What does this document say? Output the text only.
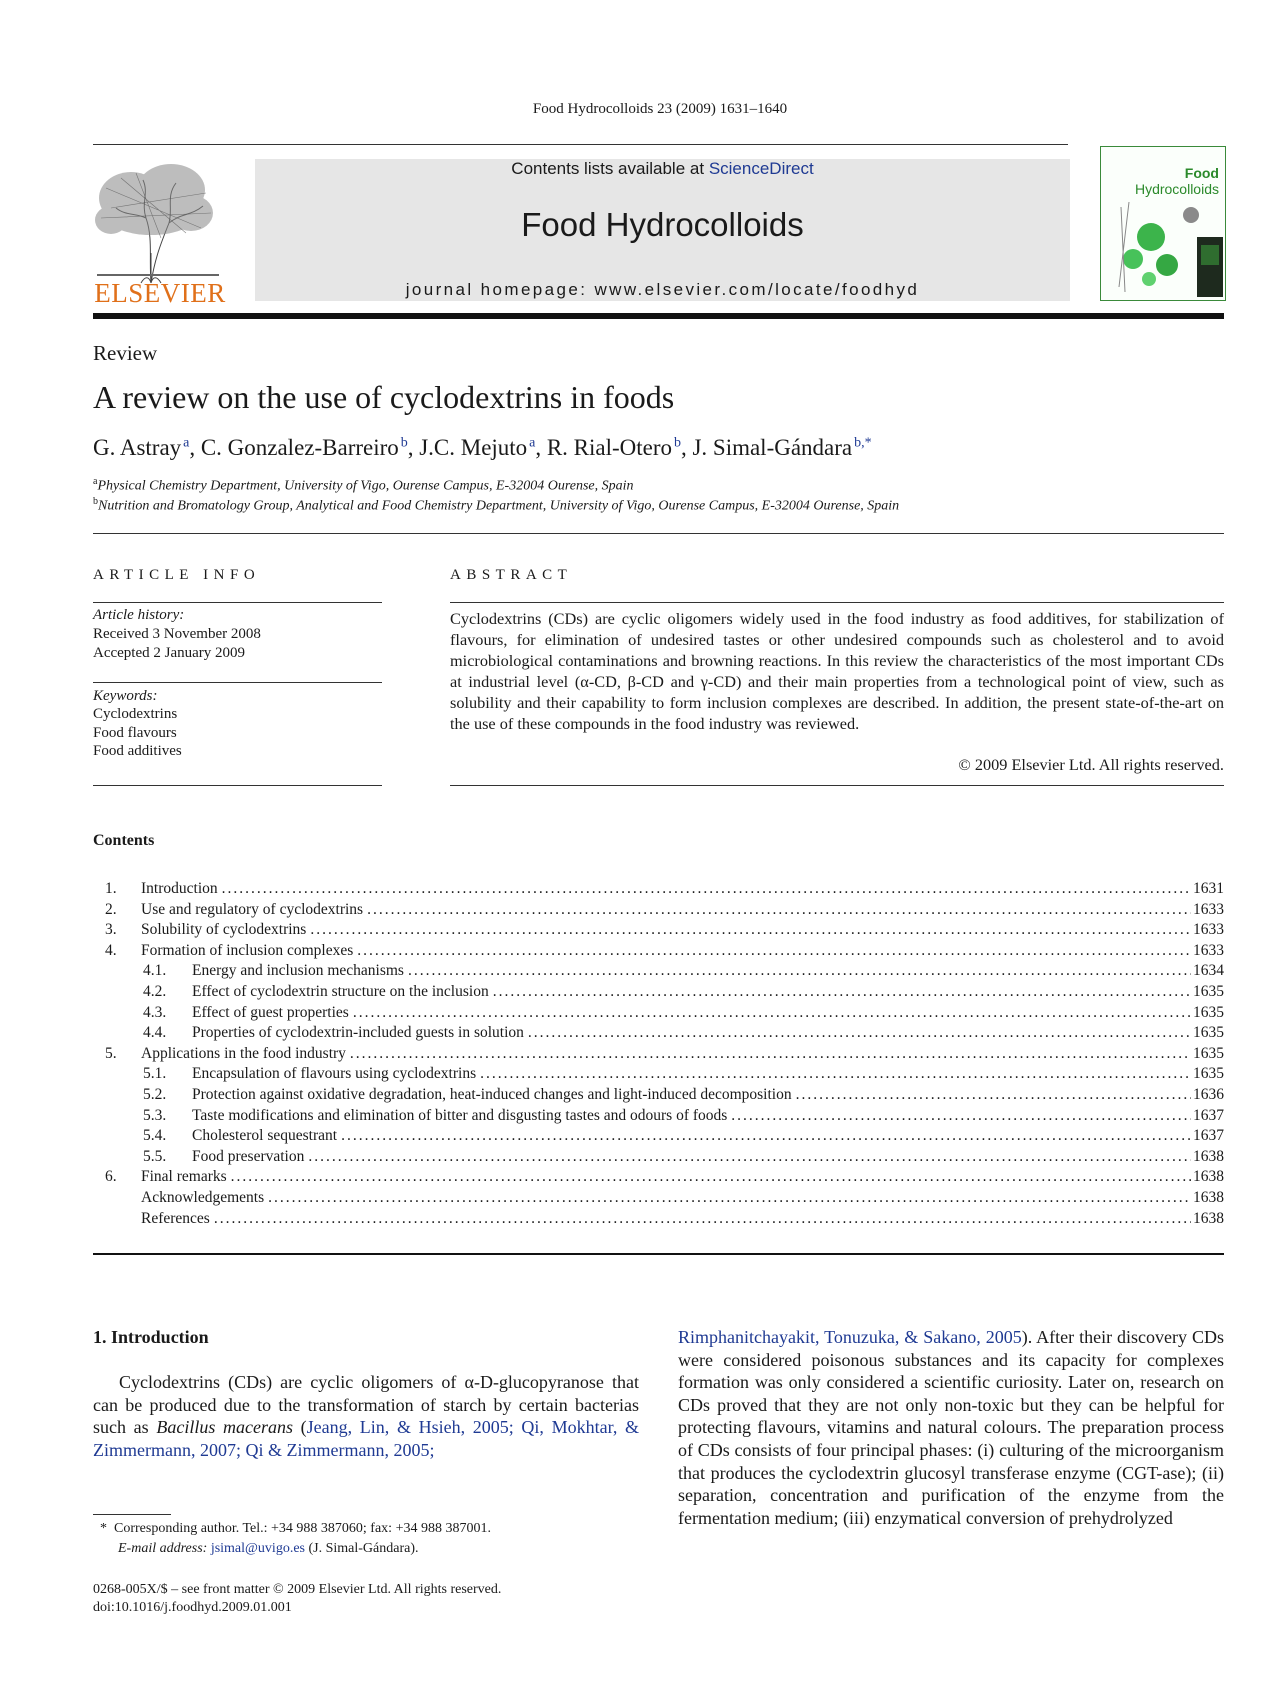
Food Hydrocolloids 23 (2009) 1631–1640
ELSEVIER
Contents lists available at ScienceDirect
Food Hydrocolloids
journal homepage: www.elsevier.com/locate/foodhyd
Food
Hydrocolloids
Review
A review on the use of cyclodextrins in foods
G. Astray  $^a$, C. Gonzalez-Barreiro  $^b$, J.C. Mejuto  $^a$, R. Rial-Otero  $^b$, J. Simal-Gándara  $^{b,*}$
$^a$Physical Chemistry Department, University of Vigo, Ourense Campus, E-32004 Ourense, Spain
$^b$Nutrition and Bromatology Group, Analytical and Food Chemistry Department, University of Vigo, Ourense Campus, E-32004 Ourense, Spain
ARTICLE INFO	ABSTRACT
Article history:
Received 3 November 2008
Accepted 2 January 2009
Keywords:
Cyclodextrins
Food flavours
Food additives
Cyclodextrins (CDs) are cyclic oligomers widely used in the food industry as food additives, for stabilization of flavours, for elimination of undesired tastes or other undesired compounds such as cholesterol and to avoid microbiological contaminations and browning reactions. In this review the characteristics of the most important CDs at industrial level (α-CD, β-CD and γ-CD) and their main properties from a technological point of view, such as solubility and their capability to form inclusion complexes are described. In addition, the present state-of-the-art on the use of these compounds in the food industry was reviewed.
© 2009 Elsevier Ltd. All rights reserved.
Contents
1. Introduction .....	1631
2. Use and regulatory of cyclodextrins .....	1633
3. Solubility of cyclodextrins .....	1633
4. Formation of inclusion complexes .....	1633
4.1. Energy and inclusion mechanisms .....	1634
4.2. Effect of cyclodextrin structure on the inclusion .....	1635
4.3. Effect of guest properties .....	1635
4.4. Properties of cyclodextrin-included guests in solution .....	1635
5. Applications in the food industry .....	1635
5.1. Encapsulation of flavours using cyclodextrins .....	1635
5.2. Protection against oxidative degradation, heat-induced changes and light-induced decomposition .....	1636
5.3. Taste modifications and elimination of bitter and disgusting tastes and odours of foods .....	1637
5.4. Cholesterol sequestrant .....	1637
5.5. Food preservation .....	1638
6. Final remarks .....	1638
Acknowledgements .....	1638
References .....	1638
1. Introduction
Cyclodextrins (CDs) are cyclic oligomers of α-D-glucopyranose that can be produced due to the transformation of starch by certain bacterias such as Bacillus macerans (Jeang, Lin, & Hsieh, 2005; Qi, Mokhtar, & Zimmermann, 2007; Qi & Zimmermann, 2005;
Rimphanitchayakit, Tonuzuka, & Sakano, 2005). After their discovery CDs were considered poisonous substances and its capacity for complexes formation was only considered a scientific curiosity. Later on, research on CDs proved that they are not only non-toxic but they can be helpful for protecting flavours, vitamins and natural colours. The preparation process of CDs consists of four principal phases: (i) culturing of the microorganism that produces the cyclodextrin glucosyl transferase enzyme (CGT-ase); (ii) separation, concentration and purification of the enzyme from the fermentation medium; (iii) enzymatical conversion of prehydrolyzed
* Corresponding author. Tel.: +34 988 387060; fax: +34 988 387001.
E-mail address: jsimal@uvigo.es (J. Simal-Gándara).
0268-005X/$ – see front matter © 2009 Elsevier Ltd. All rights reserved.
doi:10.1016/j.foodhyd.2009.01.001
